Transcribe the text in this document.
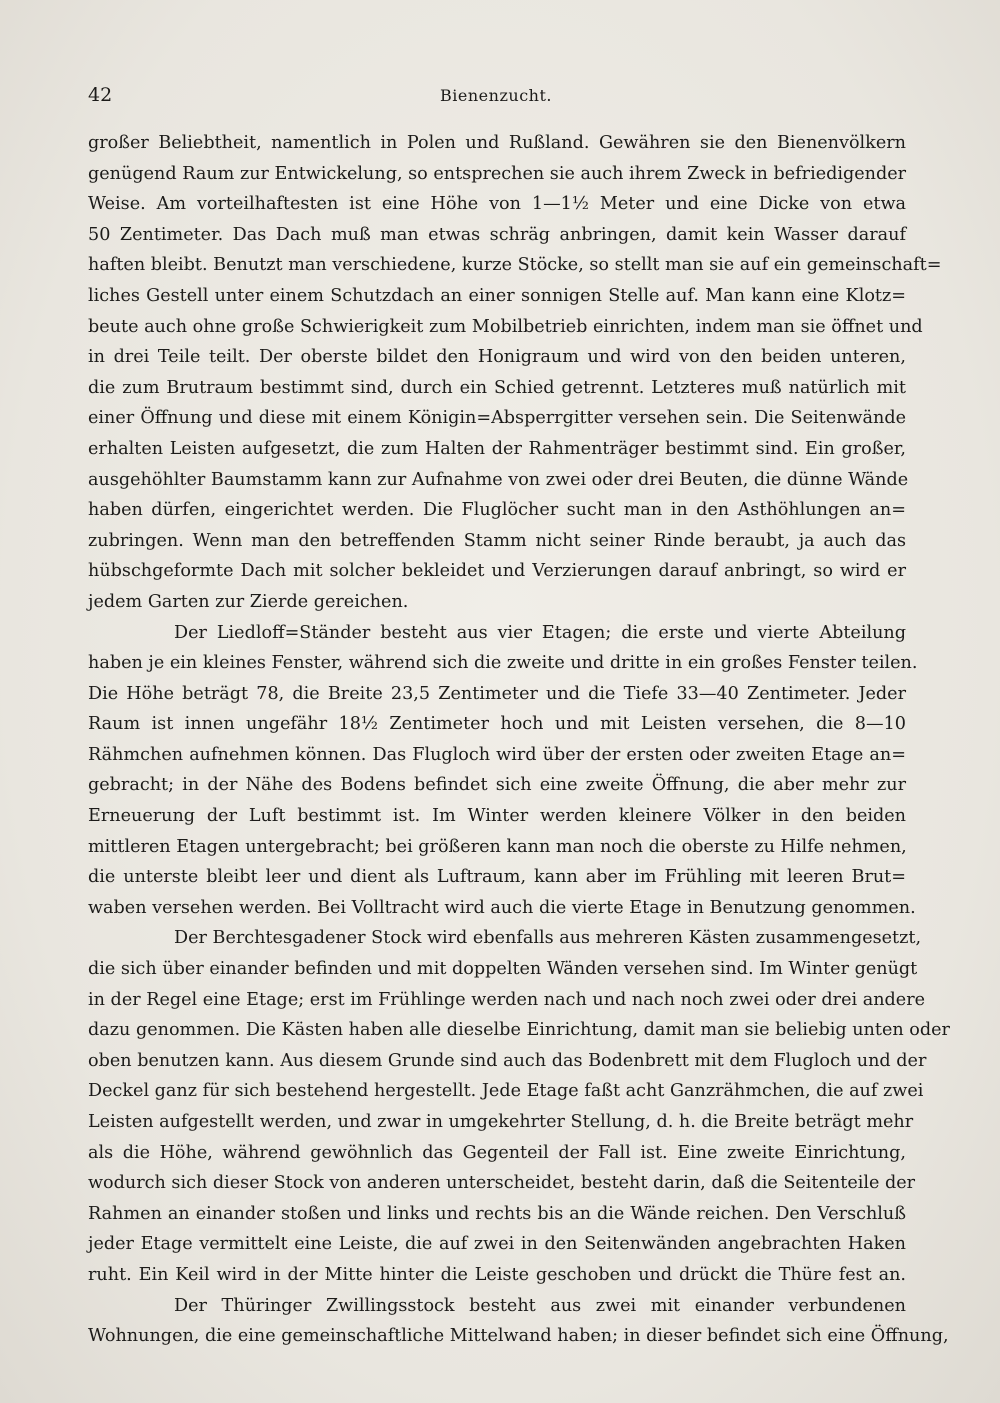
42	Bienenzucht.
großer Beliebtheit, namentlich in Polen und Rußland. Gewähren sie den Bienenvölkern
genügend Raum zur Entwickelung, so entsprechen sie auch ihrem Zweck in befriedigender
Weise. Am vorteilhaftesten ist eine Höhe von 1—1½ Meter und eine Dicke von etwa
50 Zentimeter. Das Dach muß man etwas schräg anbringen, damit kein Wasser darauf
haften bleibt. Benutzt man verschiedene, kurze Stöcke, so stellt man sie auf ein gemeinschaft=
liches Gestell unter einem Schutzdach an einer sonnigen Stelle auf. Man kann eine Klotz=
beute auch ohne große Schwierigkeit zum Mobilbetrieb einrichten, indem man sie öffnet und
in drei Teile teilt. Der oberste bildet den Honigraum und wird von den beiden unteren,
die zum Brutraum bestimmt sind, durch ein Schied getrennt. Letzteres muß natürlich mit
einer Öffnung und diese mit einem Königin=Absperrgitter versehen sein. Die Seitenwände
erhalten Leisten aufgesetzt, die zum Halten der Rahmenträger bestimmt sind. Ein großer,
ausgehöhlter Baumstamm kann zur Aufnahme von zwei oder drei Beuten, die dünne Wände
haben dürfen, eingerichtet werden. Die Fluglöcher sucht man in den Asthöhlungen an=
zubringen. Wenn man den betreffenden Stamm nicht seiner Rinde beraubt, ja auch das
hübschgeformte Dach mit solcher bekleidet und Verzierungen darauf anbringt, so wird er
jedem Garten zur Zierde gereichen.
Der Liedloff=Ständer besteht aus vier Etagen; die erste und vierte Abteilung
haben je ein kleines Fenster, während sich die zweite und dritte in ein großes Fenster teilen.
Die Höhe beträgt 78, die Breite 23,5 Zentimeter und die Tiefe 33—40 Zentimeter. Jeder
Raum ist innen ungefähr 18½ Zentimeter hoch und mit Leisten versehen, die 8—10
Rähmchen aufnehmen können. Das Flugloch wird über der ersten oder zweiten Etage an=
gebracht; in der Nähe des Bodens befindet sich eine zweite Öffnung, die aber mehr zur
Erneuerung der Luft bestimmt ist. Im Winter werden kleinere Völker in den beiden
mittleren Etagen untergebracht; bei größeren kann man noch die oberste zu Hilfe nehmen,
die unterste bleibt leer und dient als Luftraum, kann aber im Frühling mit leeren Brut=
waben versehen werden. Bei Volltracht wird auch die vierte Etage in Benutzung genommen.
Der Berchtesgadener Stock wird ebenfalls aus mehreren Kästen zusammengesetzt,
die sich über einander befinden und mit doppelten Wänden versehen sind. Im Winter genügt
in der Regel eine Etage; erst im Frühlinge werden nach und nach noch zwei oder drei andere
dazu genommen. Die Kästen haben alle dieselbe Einrichtung, damit man sie beliebig unten oder
oben benutzen kann. Aus diesem Grunde sind auch das Bodenbrett mit dem Flugloch und der
Deckel ganz für sich bestehend hergestellt. Jede Etage faßt acht Ganzrähmchen, die auf zwei
Leisten aufgestellt werden, und zwar in umgekehrter Stellung, d. h. die Breite beträgt mehr
als die Höhe, während gewöhnlich das Gegenteil der Fall ist. Eine zweite Einrichtung,
wodurch sich dieser Stock von anderen unterscheidet, besteht darin, daß die Seitenteile der
Rahmen an einander stoßen und links und rechts bis an die Wände reichen. Den Verschluß
jeder Etage vermittelt eine Leiste, die auf zwei in den Seitenwänden angebrachten Haken
ruht. Ein Keil wird in der Mitte hinter die Leiste geschoben und drückt die Thüre fest an.
Der Thüringer Zwillingsstock besteht aus zwei mit einander verbundenen
Wohnungen, die eine gemeinschaftliche Mittelwand haben; in dieser befindet sich eine Öffnung,
